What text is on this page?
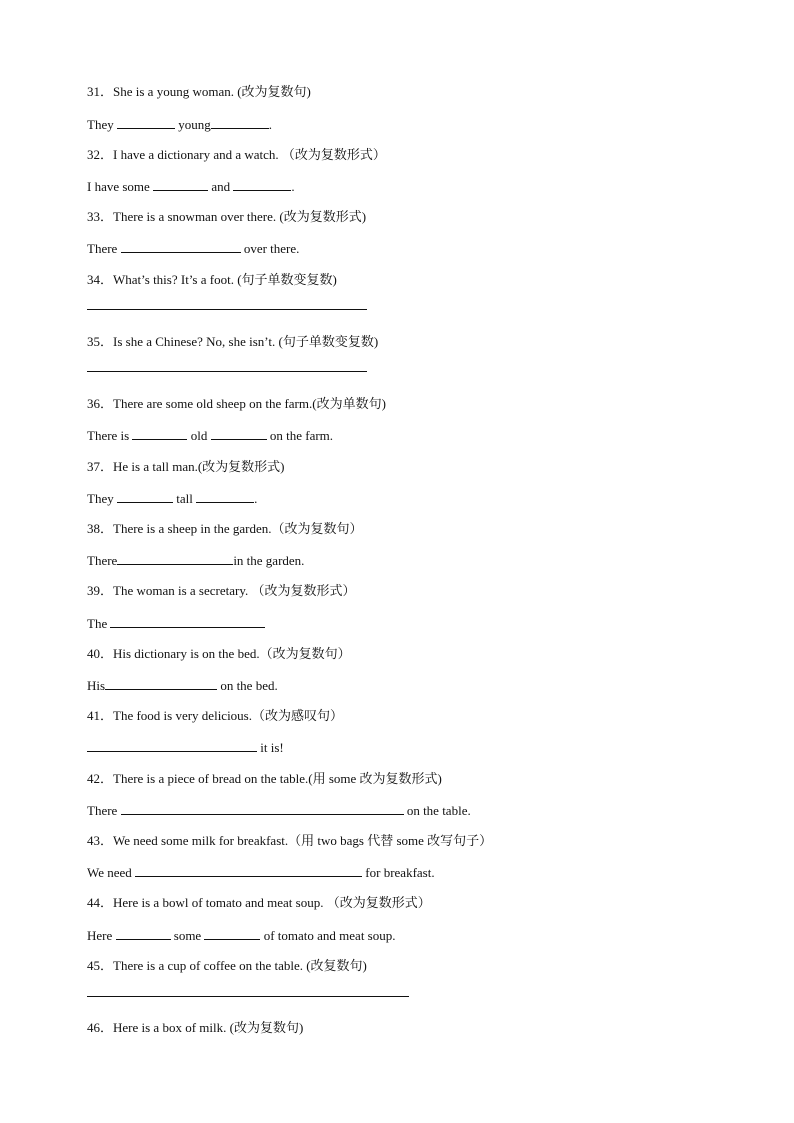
31．She is a young woman. (改为复数句)
They	young	.
32．I have a dictionary and a watch. （改为复数形式）
I have some	and	.
33．There is a snowman over there. (改为复数形式)
There	over there.
34．What’s this? It’s a foot. (句子单数变复数)
35．Is she a Chinese? No, she isn’t. (句子单数变复数)
36．There are some old sheep on the farm.(改为单数句)
There is	old	on the farm.
37．He is a tall man.(改为复数形式)
They	tall	.
38．There is a sheep in the garden.（改为复数句）
There	in the garden.
39．The woman is a secretary. （改为复数形式）
The
40．His dictionary is on the bed.（改为复数句）
His	on the bed.
41．The food is very delicious.（改为感叹句）
it is!
42．There is a piece of bread on the table.(用 some 改为复数形式)
There	on the table.
43．We need some milk for breakfast.（用 two bags 代替 some 改写句子）
We need	for breakfast.
44．Here is a bowl of tomato and meat soup. （改为复数形式）
Here	some	of tomato and meat soup.
45．There is a cup of coffee on the table. (改复数句)
46．Here is a box of milk. (改为复数句)
